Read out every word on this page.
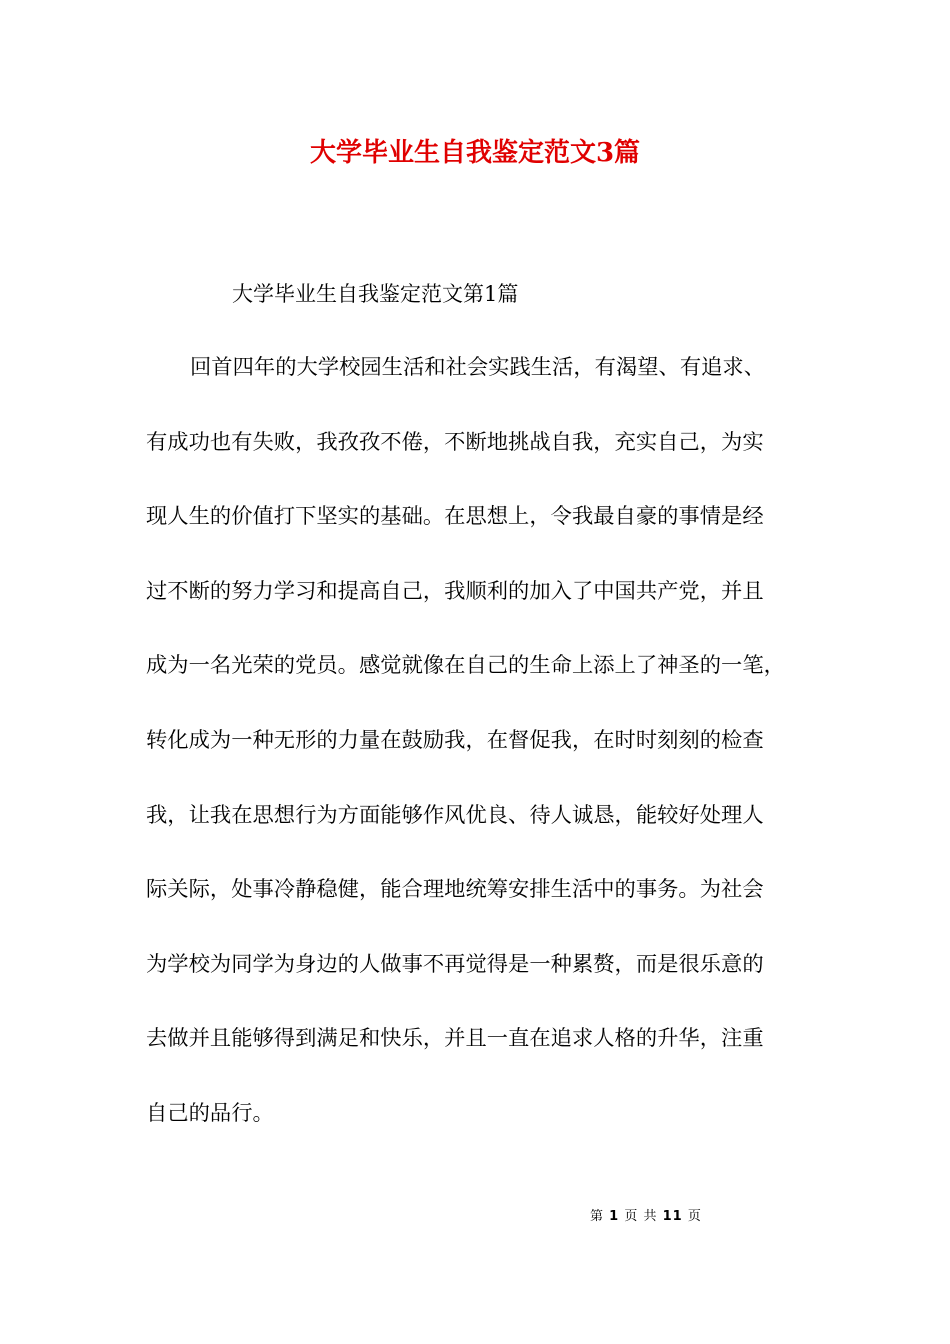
大学毕业生自我鉴定范文3篇

大学毕业生自我鉴定范文第1篇

回首四年的大学校园生活和社会实践生活，有渴望、有追求、
有成功也有失败，我孜孜不倦，不断地挑战自我，充实自己，为实
现人生的价值打下坚实的基础。在思想上，令我最自豪的事情是经
过不断的努力学习和提高自己，我顺利的加入了中国共产党，并且
成为一名光荣的党员。感觉就像在自己的生命上添上了神圣的一笔，
转化成为一种无形的力量在鼓励我，在督促我，在时时刻刻的检查
我，让我在思想行为方面能够作风优良、待人诚恳，能较好处理人
际关际，处事冷静稳健，能合理地统筹安排生活中的事务。为社会
为学校为同学为身边的人做事不再觉得是一种累赘，而是很乐意的
去做并且能够得到满足和快乐，并且一直在追求人格的升华，注重
自己的品行。
第 1 页 共 11 页
